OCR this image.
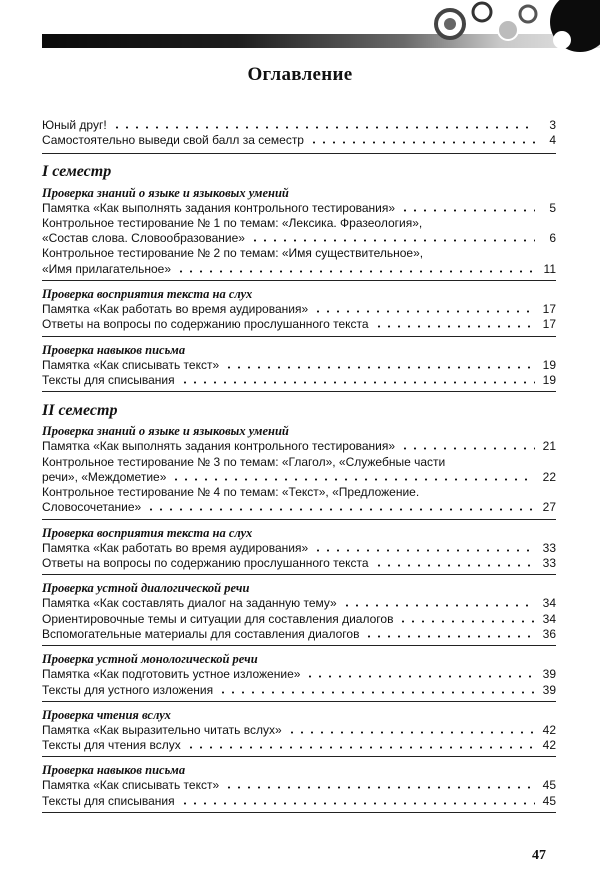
Оглавление
Юный друг!	3
Самостоятельно выведи свой балл за семестр	4
I семестр
Проверка знаний о языке и языковых умений
Памятка «Как выполнять задания контрольного тестирования»	5
Контрольное тестирование № 1 по темам: «Лексика. Фразеология»,
«Состав слова. Словообразование»	6
Контрольное тестирование № 2 по темам: «Имя существительное»,
«Имя прилагательное»	11
Проверка восприятия текста на слух
Памятка «Как работать во время аудирования»	17
Ответы на вопросы по содержанию прослушанного текста	17
Проверка навыков письма
Памятка «Как списывать текст»	19
Тексты для списывания	19
II семестр
Проверка знаний о языке и языковых умений
Памятка «Как выполнять задания контрольного тестирования»	21
Контрольное тестирование № 3 по темам: «Глагол», «Служебные части
речи», «Междометие»	22
Контрольное тестирование № 4 по темам: «Текст», «Предложение.
Словосочетание»	27
Проверка восприятия текста на слух
Памятка «Как работать во время аудирования»	33
Ответы на вопросы по содержанию прослушанного текста	33
Проверка устной диалогической речи
Памятка «Как составлять диалог на заданную тему»	34
Ориентировочные темы и ситуации для составления диалогов	34
Вспомогательные материалы для составления диалогов	36
Проверка устной монологической речи
Памятка «Как подготовить устное изложение»	39
Тексты для устного изложения	39
Проверка чтения вслух
Памятка «Как выразительно читать вслух»	42
Тексты для чтения вслух	42
Проверка навыков письма
Памятка «Как списывать текст»	45
Тексты для списывания	45
47
